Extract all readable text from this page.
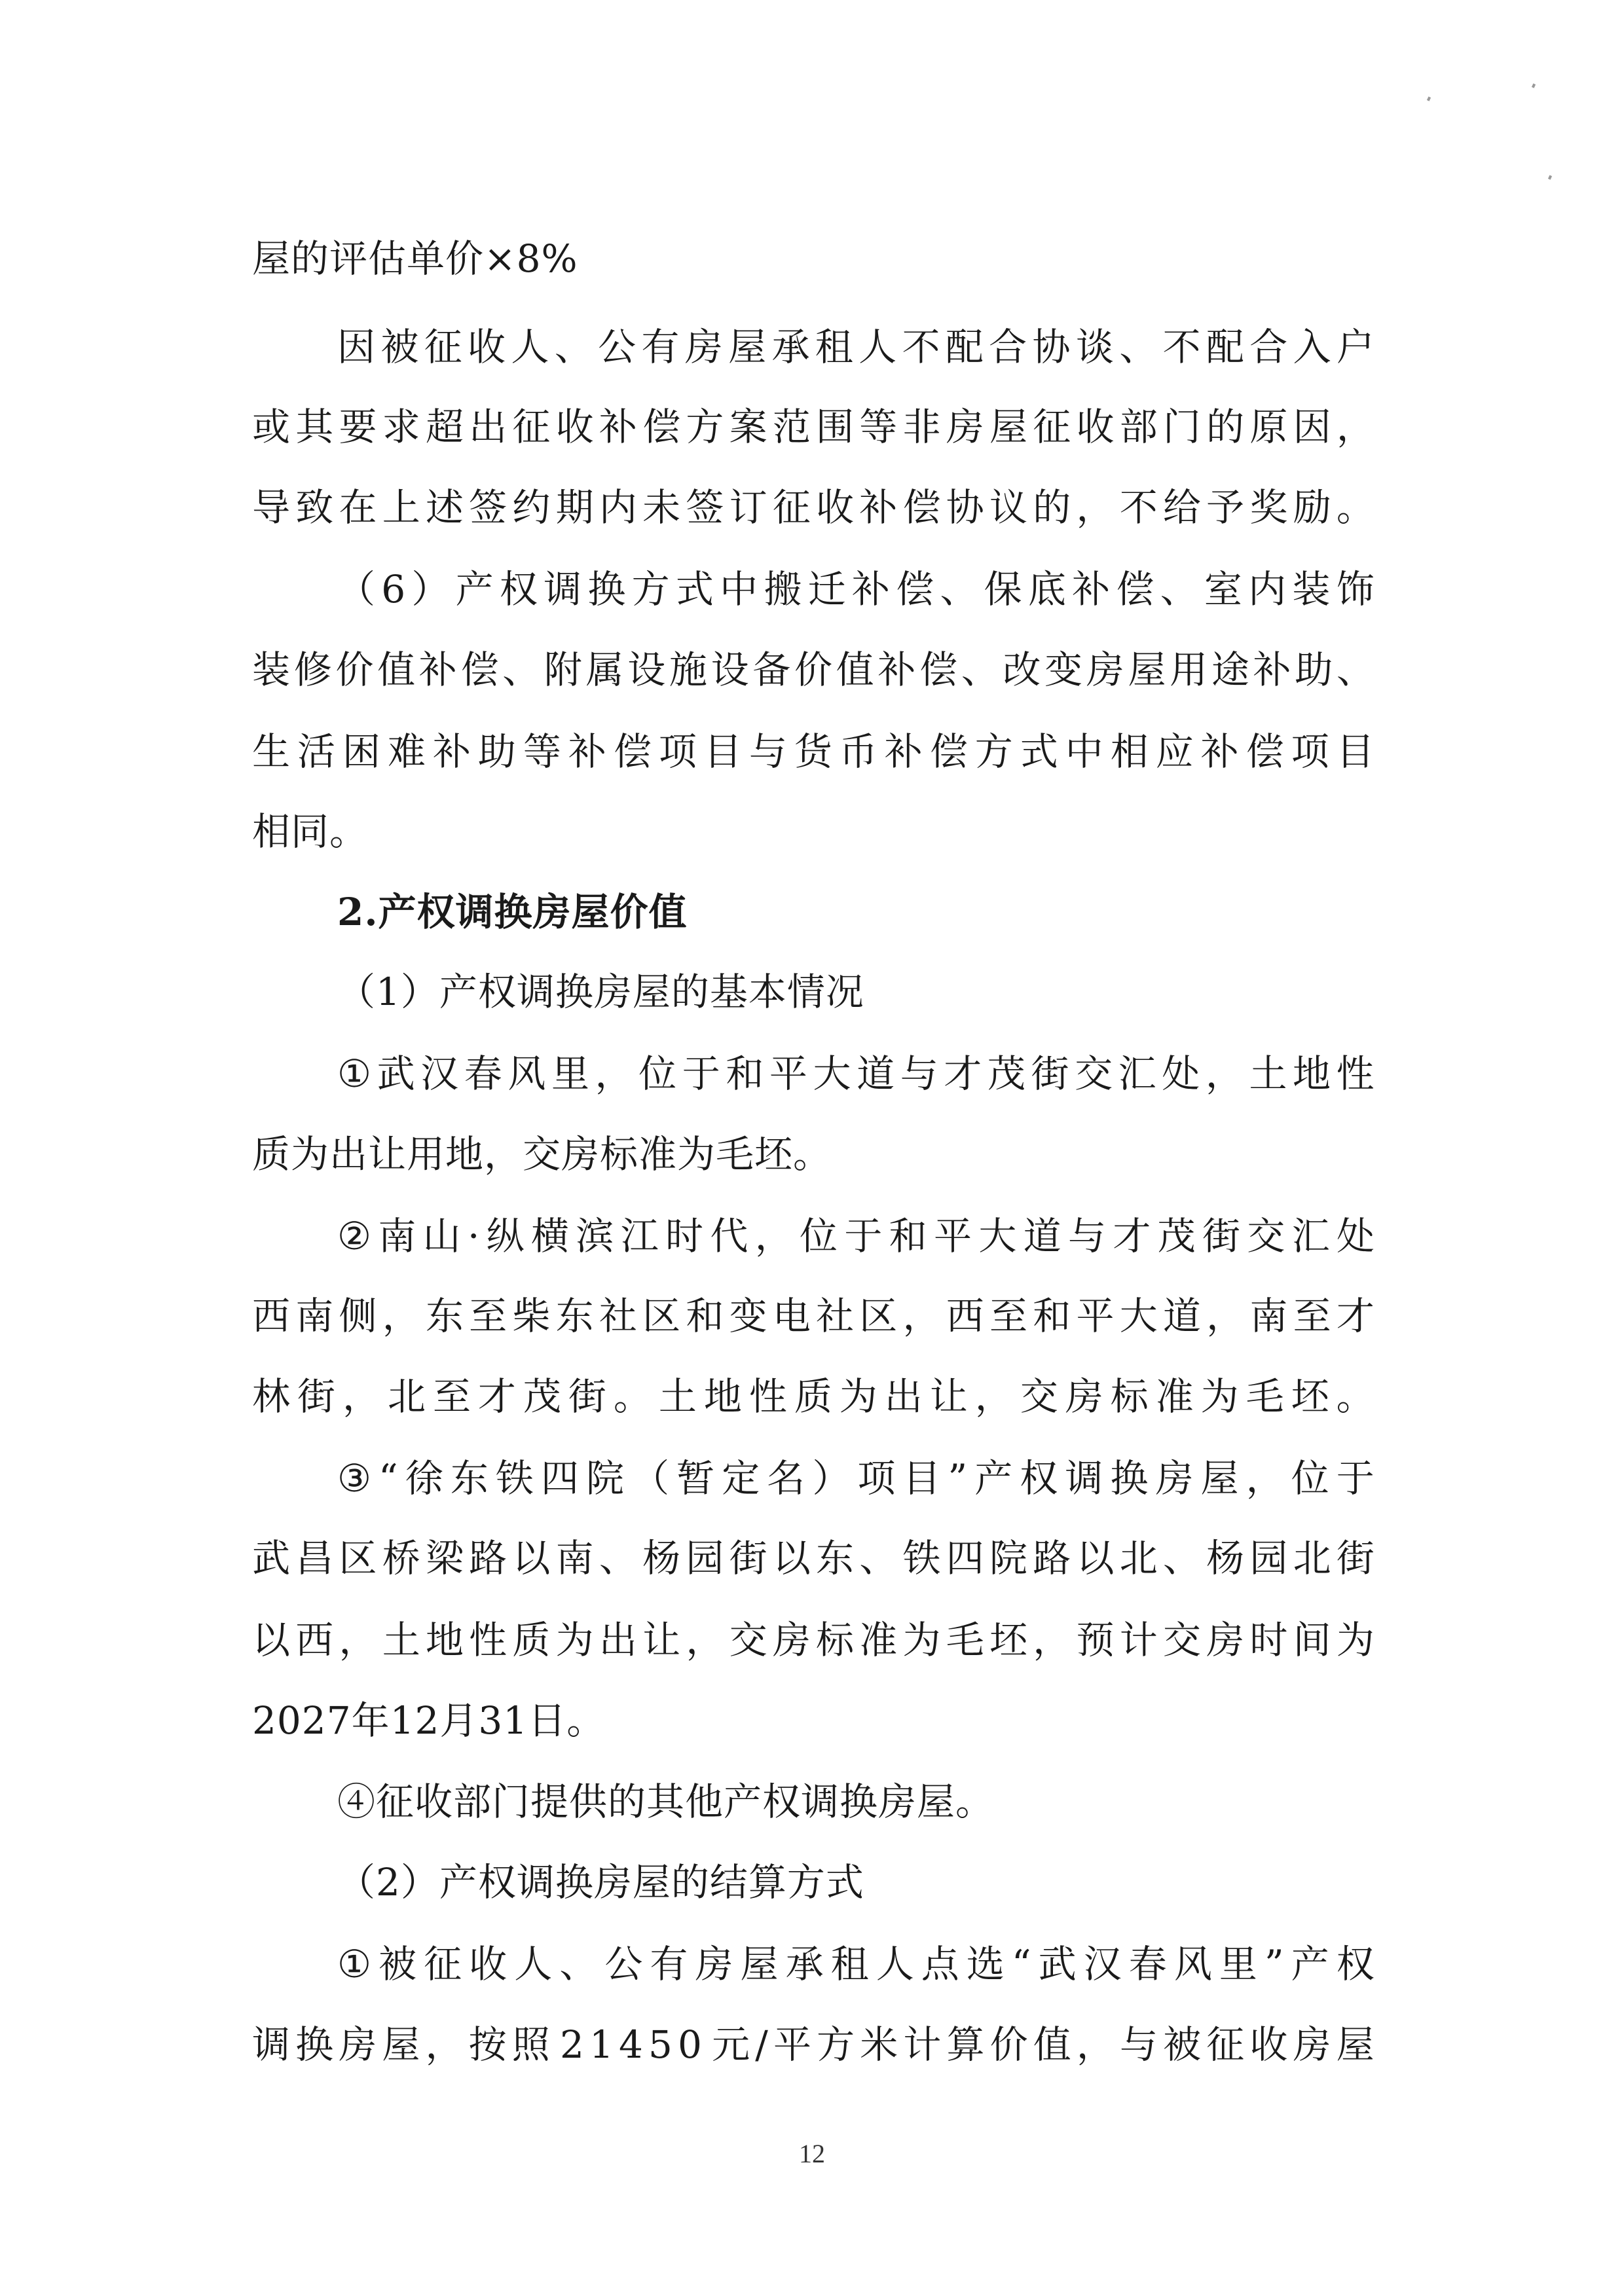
屋的评估单价×8%
因 被 征 收 人 、 公 有 房 屋 承 租 人 不 配 合 协 谈 、 不 配 合 入 户
或 其 要 求 超 出 征 收 补 偿 方 案 范 围 等 非 房 屋 征 收 部 门 的 原 因 ，
导 致 在 上 述 签 约 期 内 未 签 订 征 收 补 偿 协 议 的 ， 不 给 予 奖 励 。
（ 6 ） 产 权 调 换 方 式 中 搬 迁 补 偿 、 保 底 补 偿 、 室 内 装 饰
装 修 价 值 补 偿 、 附 属 设 施 设 备 价 值 补 偿 、 改 变 房 屋 用 途 补 助 、
生 活 困 难 补 助 等 补 偿 项 目 与 货 币 补 偿 方 式 中 相 应 补 偿 项 目
相同。
2.产权调换房屋价值
（1）产权调换房屋的基本情况
① 武 汉 春 风 里 ， 位 于 和 平 大 道 与 才 茂 街 交 汇 处 ， 土 地 性
质为出让用地，交房标准为毛坯。
② 南 山 · 纵 横 滨 江 时 代 ， 位 于 和 平 大 道 与 才 茂 街 交 汇 处
西 南 侧 ， 东 至 柴 东 社 区 和 变 电 社 区 ， 西 至 和 平 大 道 ， 南 至 才
林 街 ， 北 至 才 茂 街 。 土 地 性 质 为 出 让 ， 交 房 标 准 为 毛 坯 。
③ “ 徐 东 铁 四 院 （ 暂 定 名 ） 项 目 ” 产 权 调 换 房 屋 ， 位 于
武 昌 区 桥 梁 路 以 南 、 杨 园 街 以 东 、 铁 四 院 路 以 北 、 杨 园 北 街
以 西 ， 土 地 性 质 为 出 让 ， 交 房 标 准 为 毛 坯 ， 预 计 交 房 时 间 为
2027年12月31日。
④征收部门提供的其他产权调换房屋。
（2）产权调换房屋的结算方式
① 被 征 收 人 、 公 有 房 屋 承 租 人 点 选 “ 武 汉 春 风 里 ” 产 权
调 换 房 屋 ， 按 照 2 1 4 5 0 元 / 平 方 米 计 算 价 值 ， 与 被 征 收 房 屋
12
